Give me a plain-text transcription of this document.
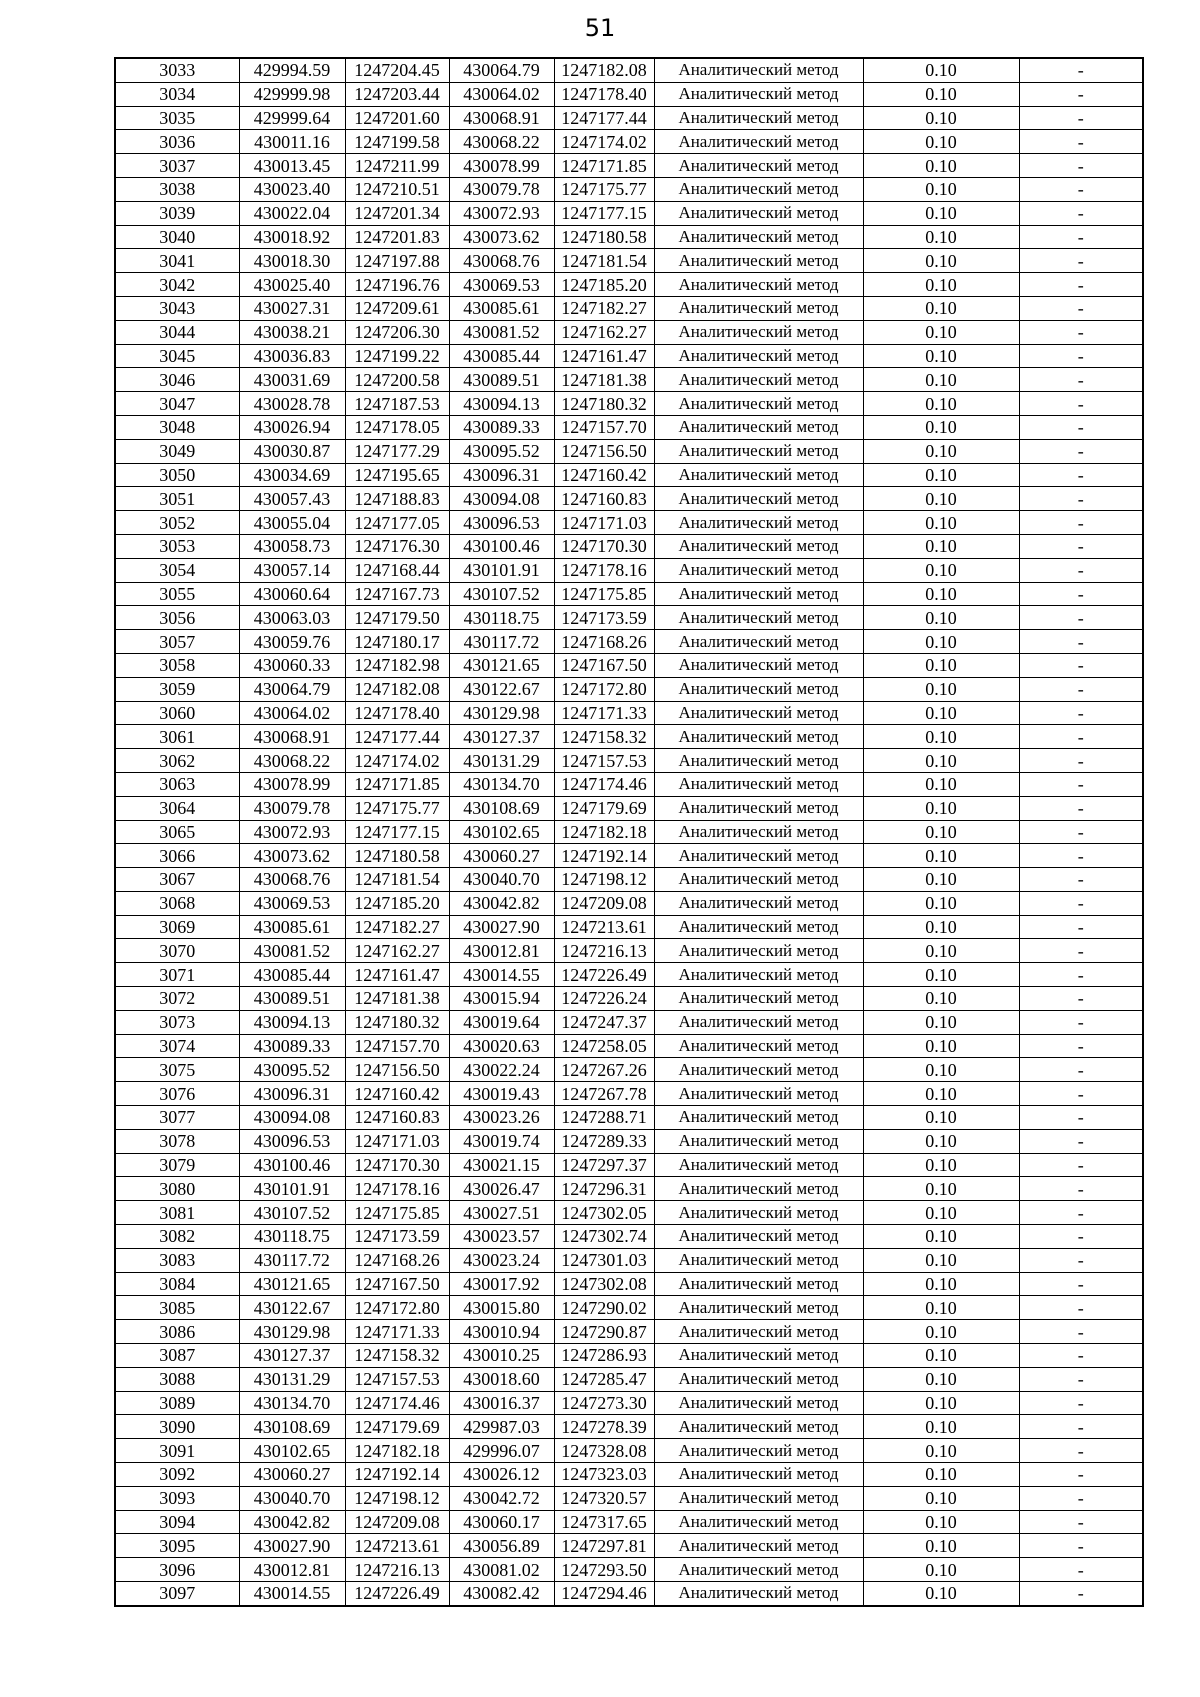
51
3033	429994.59	1247204.45	430064.79	1247182.08	Аналитический метод	0.10	-
3034	429999.98	1247203.44	430064.02	1247178.40	Аналитический метод	0.10	-
3035	429999.64	1247201.60	430068.91	1247177.44	Аналитический метод	0.10	-
3036	430011.16	1247199.58	430068.22	1247174.02	Аналитический метод	0.10	-
3037	430013.45	1247211.99	430078.99	1247171.85	Аналитический метод	0.10	-
3038	430023.40	1247210.51	430079.78	1247175.77	Аналитический метод	0.10	-
3039	430022.04	1247201.34	430072.93	1247177.15	Аналитический метод	0.10	-
3040	430018.92	1247201.83	430073.62	1247180.58	Аналитический метод	0.10	-
3041	430018.30	1247197.88	430068.76	1247181.54	Аналитический метод	0.10	-
3042	430025.40	1247196.76	430069.53	1247185.20	Аналитический метод	0.10	-
3043	430027.31	1247209.61	430085.61	1247182.27	Аналитический метод	0.10	-
3044	430038.21	1247206.30	430081.52	1247162.27	Аналитический метод	0.10	-
3045	430036.83	1247199.22	430085.44	1247161.47	Аналитический метод	0.10	-
3046	430031.69	1247200.58	430089.51	1247181.38	Аналитический метод	0.10	-
3047	430028.78	1247187.53	430094.13	1247180.32	Аналитический метод	0.10	-
3048	430026.94	1247178.05	430089.33	1247157.70	Аналитический метод	0.10	-
3049	430030.87	1247177.29	430095.52	1247156.50	Аналитический метод	0.10	-
3050	430034.69	1247195.65	430096.31	1247160.42	Аналитический метод	0.10	-
3051	430057.43	1247188.83	430094.08	1247160.83	Аналитический метод	0.10	-
3052	430055.04	1247177.05	430096.53	1247171.03	Аналитический метод	0.10	-
3053	430058.73	1247176.30	430100.46	1247170.30	Аналитический метод	0.10	-
3054	430057.14	1247168.44	430101.91	1247178.16	Аналитический метод	0.10	-
3055	430060.64	1247167.73	430107.52	1247175.85	Аналитический метод	0.10	-
3056	430063.03	1247179.50	430118.75	1247173.59	Аналитический метод	0.10	-
3057	430059.76	1247180.17	430117.72	1247168.26	Аналитический метод	0.10	-
3058	430060.33	1247182.98	430121.65	1247167.50	Аналитический метод	0.10	-
3059	430064.79	1247182.08	430122.67	1247172.80	Аналитический метод	0.10	-
3060	430064.02	1247178.40	430129.98	1247171.33	Аналитический метод	0.10	-
3061	430068.91	1247177.44	430127.37	1247158.32	Аналитический метод	0.10	-
3062	430068.22	1247174.02	430131.29	1247157.53	Аналитический метод	0.10	-
3063	430078.99	1247171.85	430134.70	1247174.46	Аналитический метод	0.10	-
3064	430079.78	1247175.77	430108.69	1247179.69	Аналитический метод	0.10	-
3065	430072.93	1247177.15	430102.65	1247182.18	Аналитический метод	0.10	-
3066	430073.62	1247180.58	430060.27	1247192.14	Аналитический метод	0.10	-
3067	430068.76	1247181.54	430040.70	1247198.12	Аналитический метод	0.10	-
3068	430069.53	1247185.20	430042.82	1247209.08	Аналитический метод	0.10	-
3069	430085.61	1247182.27	430027.90	1247213.61	Аналитический метод	0.10	-
3070	430081.52	1247162.27	430012.81	1247216.13	Аналитический метод	0.10	-
3071	430085.44	1247161.47	430014.55	1247226.49	Аналитический метод	0.10	-
3072	430089.51	1247181.38	430015.94	1247226.24	Аналитический метод	0.10	-
3073	430094.13	1247180.32	430019.64	1247247.37	Аналитический метод	0.10	-
3074	430089.33	1247157.70	430020.63	1247258.05	Аналитический метод	0.10	-
3075	430095.52	1247156.50	430022.24	1247267.26	Аналитический метод	0.10	-
3076	430096.31	1247160.42	430019.43	1247267.78	Аналитический метод	0.10	-
3077	430094.08	1247160.83	430023.26	1247288.71	Аналитический метод	0.10	-
3078	430096.53	1247171.03	430019.74	1247289.33	Аналитический метод	0.10	-
3079	430100.46	1247170.30	430021.15	1247297.37	Аналитический метод	0.10	-
3080	430101.91	1247178.16	430026.47	1247296.31	Аналитический метод	0.10	-
3081	430107.52	1247175.85	430027.51	1247302.05	Аналитический метод	0.10	-
3082	430118.75	1247173.59	430023.57	1247302.74	Аналитический метод	0.10	-
3083	430117.72	1247168.26	430023.24	1247301.03	Аналитический метод	0.10	-
3084	430121.65	1247167.50	430017.92	1247302.08	Аналитический метод	0.10	-
3085	430122.67	1247172.80	430015.80	1247290.02	Аналитический метод	0.10	-
3086	430129.98	1247171.33	430010.94	1247290.87	Аналитический метод	0.10	-
3087	430127.37	1247158.32	430010.25	1247286.93	Аналитический метод	0.10	-
3088	430131.29	1247157.53	430018.60	1247285.47	Аналитический метод	0.10	-
3089	430134.70	1247174.46	430016.37	1247273.30	Аналитический метод	0.10	-
3090	430108.69	1247179.69	429987.03	1247278.39	Аналитический метод	0.10	-
3091	430102.65	1247182.18	429996.07	1247328.08	Аналитический метод	0.10	-
3092	430060.27	1247192.14	430026.12	1247323.03	Аналитический метод	0.10	-
3093	430040.70	1247198.12	430042.72	1247320.57	Аналитический метод	0.10	-
3094	430042.82	1247209.08	430060.17	1247317.65	Аналитический метод	0.10	-
3095	430027.90	1247213.61	430056.89	1247297.81	Аналитический метод	0.10	-
3096	430012.81	1247216.13	430081.02	1247293.50	Аналитический метод	0.10	-
3097	430014.55	1247226.49	430082.42	1247294.46	Аналитический метод	0.10	-
